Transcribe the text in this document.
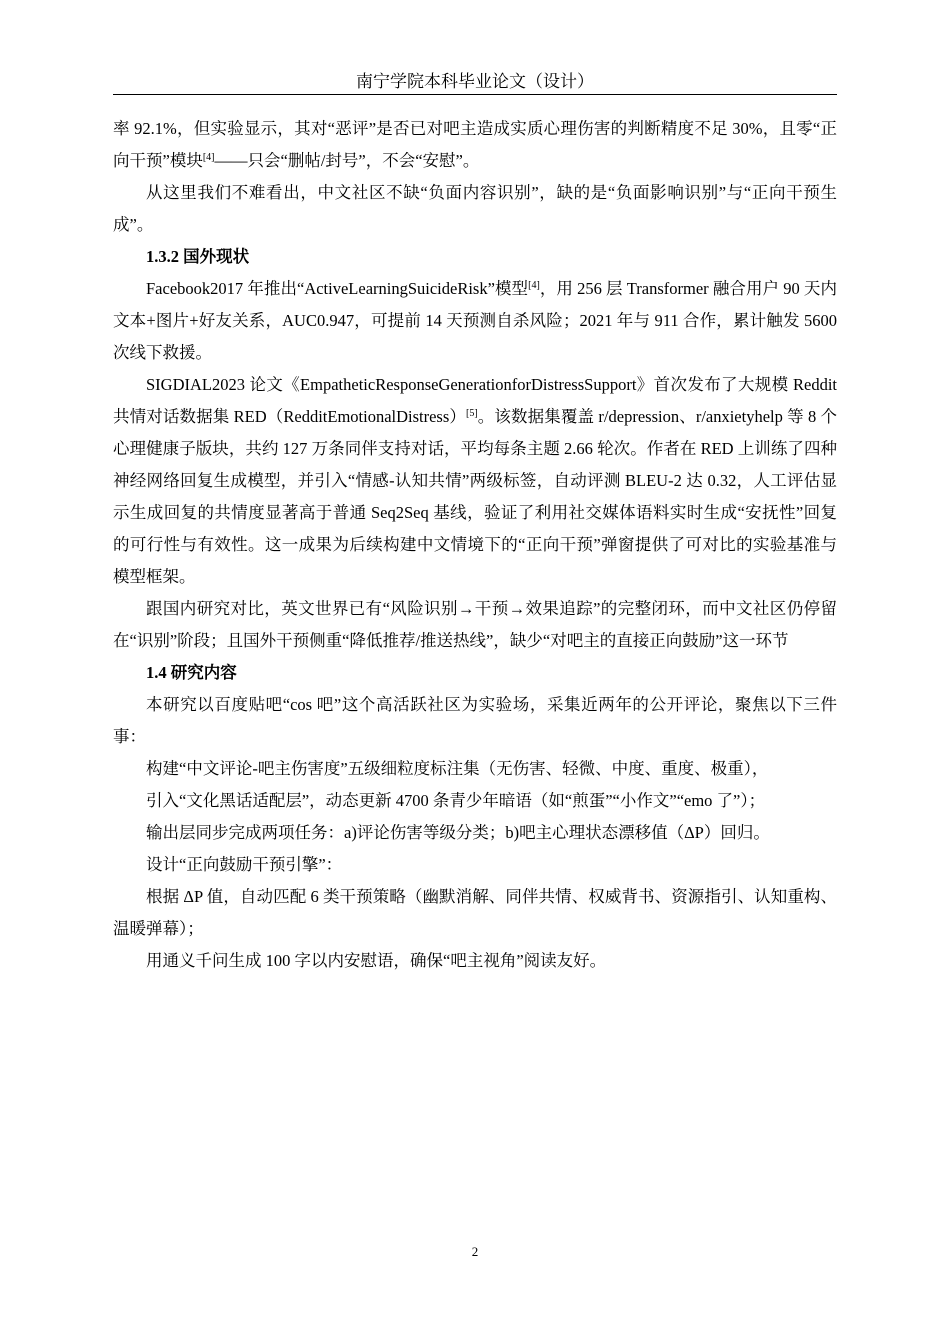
南宁学院本科毕业论文（设计）

率 92.1%，但实验显示，其对“恶评”是否已对吧主造成实质心理伤害的判断精度不足 30%，且零“正向干预”模块[4]——只会“删帖/封号”，不会“安慰”。

从这里我们不难看出，中文社区不缺“负面内容识别”，缺的是“负面影响识别”与“正向干预生成”。

1.3.2 国外现状

Facebook2017 年推出“ActiveLearningSuicideRisk”模型[4]，用 256 层 Transformer 融合用户 90 天内文本+图片+好友关系，AUC0.947，可提前 14 天预测自杀风险；2021 年与 911 合作，累计触发 5600 次线下救援。

SIGDIAL2023 论文《EmpatheticResponseGenerationforDistressSupport》首次发布了大规模 Reddit 共情对话数据集 RED（RedditEmotionalDistress）[5]。该数据集覆盖 r/depression、r/anxietyhelp 等 8 个心理健康子版块，共约 127 万条同伴支持对话，平均每条主题 2.66 轮次。作者在 RED 上训练了四种神经网络回复生成模型，并引入“情感-认知共情”两级标签，自动评测 BLEU-2 达 0.32，人工评估显示生成回复的共情度显著高于普通 Seq2Seq 基线，验证了利用社交媒体语料实时生成“安抚性”回复的可行性与有效性。这一成果为后续构建中文情境下的“正向干预”弹窗提供了可对比的实验基准与模型框架。

跟国内研究对比，英文世界已有“风险识别→干预→效果追踪”的完整闭环，而中文社区仍停留在“识别”阶段；且国外干预侧重“降低推荐/推送热线”，缺少“对吧主的直接正向鼓励”这一环节

1.4 研究内容

本研究以百度贴吧“cos 吧”这个高活跃社区为实验场，采集近两年的公开评论，聚焦以下三件事：

构建“中文评论-吧主伤害度”五级细粒度标注集（无伤害、轻微、中度、重度、极重），

引入“文化黑话适配层”，动态更新 4700 条青少年暗语（如“煎蛋”“小作文”“emo 了”）；

输出层同步完成两项任务：a)评论伤害等级分类；b)吧主心理状态漂移值（ΔP）回归。

设计“正向鼓励干预引擎”：

根据 ΔP 值，自动匹配 6 类干预策略（幽默消解、同伴共情、权威背书、资源指引、认知重构、温暖弹幕）；

用通义千问生成 100 字以内安慰语，确保“吧主视角”阅读友好。

2
